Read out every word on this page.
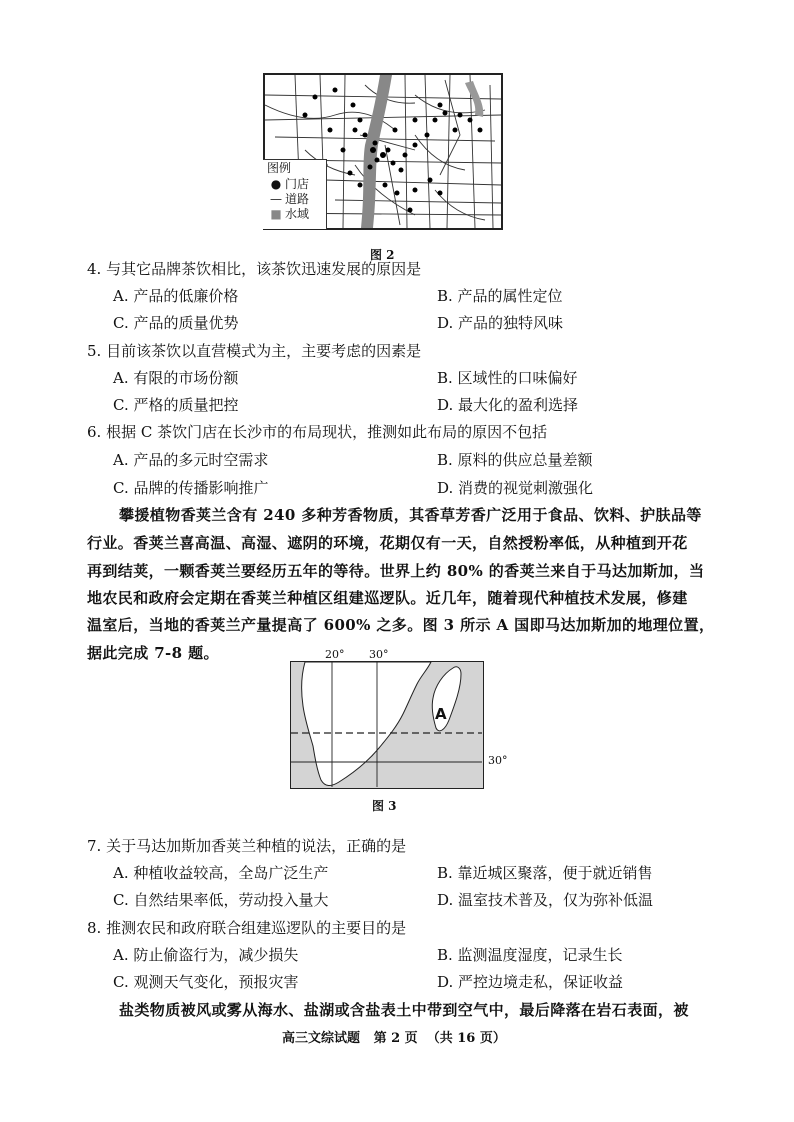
图例
● 门店
— 道路
■ 水域
图 2
4. 与其它品牌茶饮相比，该茶饮迅速发展的原因是
A. 产品的低廉价格	B. 产品的属性定位
C. 产品的质量优势	D. 产品的独特风味
5. 目前该茶饮以直营模式为主，主要考虑的因素是
A. 有限的市场份额	B. 区域性的口味偏好
C. 严格的质量把控	D. 最大化的盈利选择
6. 根据 C 茶饮门店在长沙市的布局现状，推测如此布局的原因不包括
A. 产品的多元时空需求	B. 原料的供应总量差额
C. 品牌的传播影响推广	D. 消费的视觉刺激强化
攀援植物香荚兰含有 240 多种芳香物质，其香草芳香广泛用于食品、饮料、护肤品等
行业。香荚兰喜高温、高湿、遮阴的环境，花期仅有一天，自然授粉率低，从种植到开花
再到结荚，一颗香荚兰要经历五年的等待。世界上约 80% 的香荚兰来自于马达加斯加，当
地农民和政府会定期在香荚兰种植区组建巡逻队。近几年，随着现代种植技术发展，修建
温室后，当地的香荚兰产量提高了 600% 之多。图 3 所示 A 国即马达加斯加的地理位置，
据此完成 7-8 题。	20° 30°
A
30°
图 3
7. 关于马达加斯加香荚兰种植的说法，正确的是
A. 种植收益较高，全岛广泛生产	B. 靠近城区聚落，便于就近销售
C. 自然结果率低，劳动投入量大	D. 温室技术普及，仅为弥补低温
8. 推测农民和政府联合组建巡逻队的主要目的是
A. 防止偷盗行为，减少损失	B. 监测温度湿度，记录生长
C. 观测天气变化，预报灾害	D. 严控边境走私，保证收益
盐类物质被风或雾从海水、盐湖或含盐表土中带到空气中，最后降落在岩石表面，被
高三文综试题   第 2 页  （共 16 页）
